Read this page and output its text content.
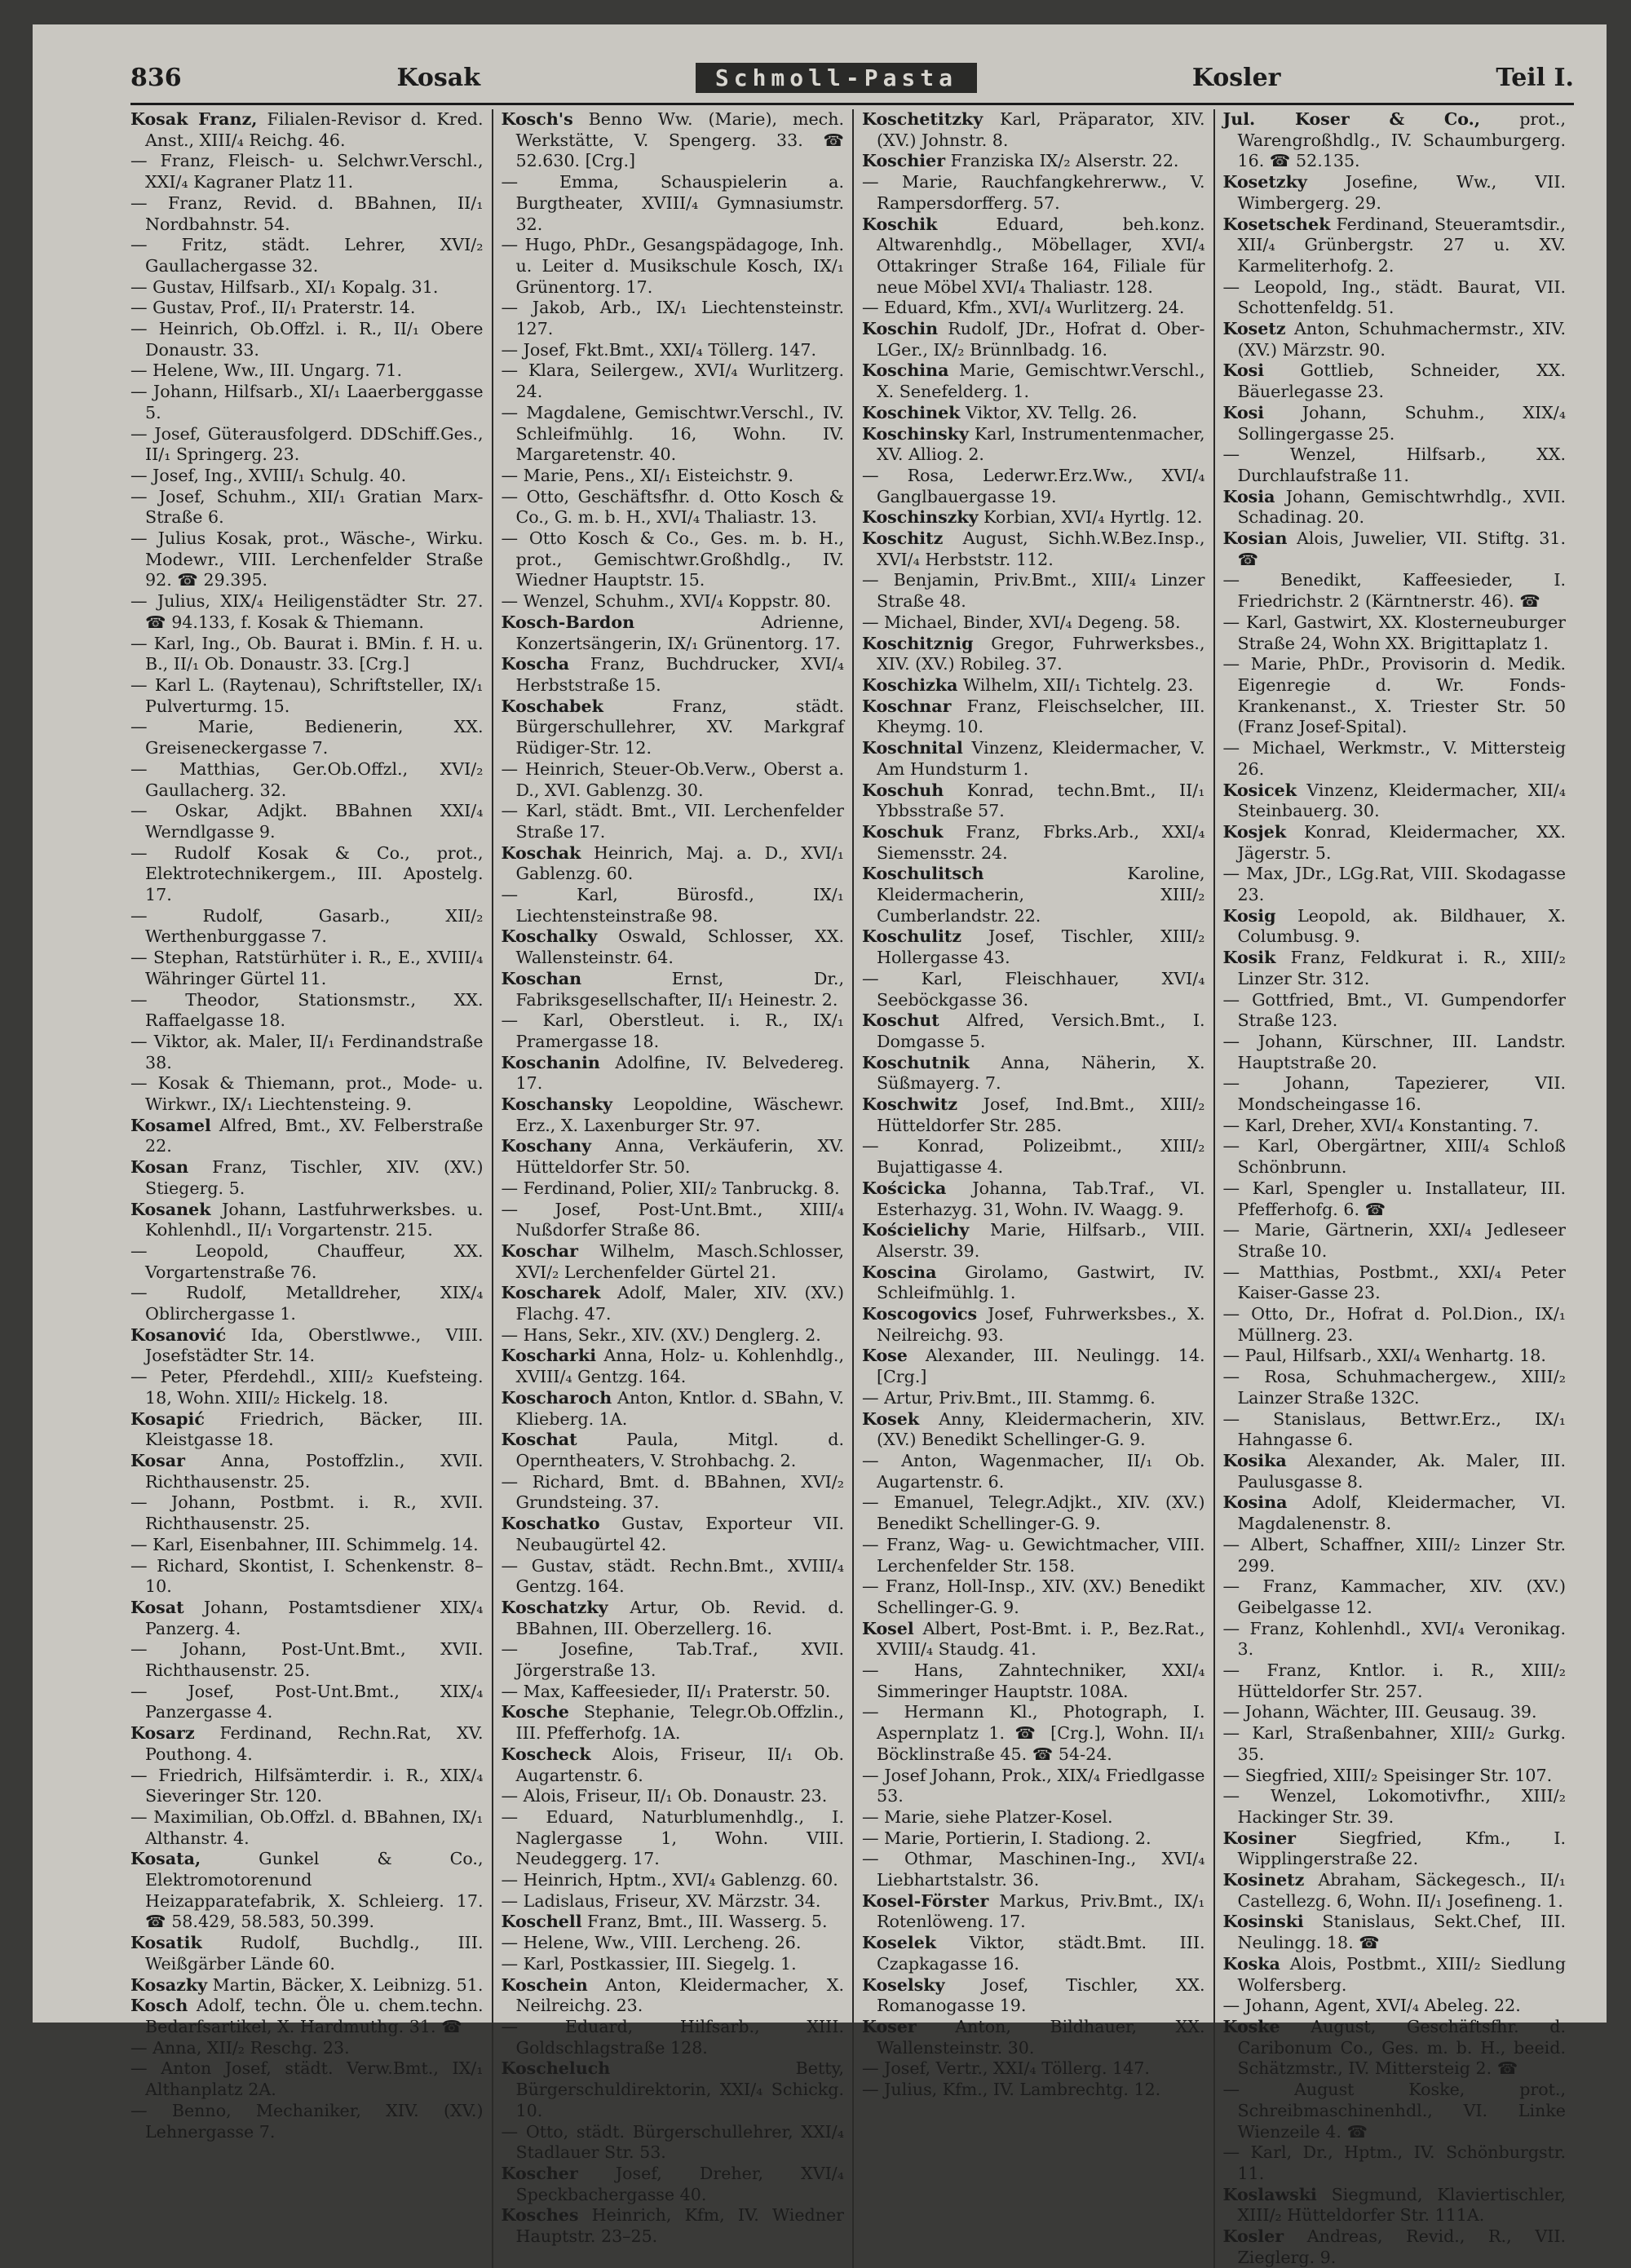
836	Kosak	Schmoll-Pasta	Kosler	Teil I.

Kosak Franz, Filialen-Revisor d. Kred. Anst., XIII/₄ Reichg. 46.

— Franz, Fleisch- u. Selchwr.Verschl., XXI/₄ Kagraner Platz 11.

— Franz, Revid. d. BBahnen, II/₁ Nordbahnstr. 54.

— Fritz, städt. Lehrer, XVI/₂ Gaullachergasse 32.

— Gustav, Hilfsarb., XI/₁ Kopalg. 31.

— Gustav, Prof., II/₁ Praterstr. 14.

— Heinrich, Ob.Offzl. i. R., II/₁ Obere Donaustr. 33.

— Helene, Ww., III. Ungarg. 71.

— Johann, Hilfsarb., XI/₁ Laaerberggasse 5.

— Josef, Güterausfolgerd. DDSchiff.Ges., II/₁ Springerg. 23.

— Josef, Ing., XVIII/₁ Schulg. 40.

— Josef, Schuhm., XII/₁ Gratian Marx-Straße 6.

— Julius Kosak, prot., Wäsche-, Wirku. Modewr., VIII. Lerchenfelder Straße 92. ☎ 29.395.

— Julius, XIX/₄ Heiligenstädter Str. 27. ☎ 94.133, f. Kosak & Thiemann.

— Karl, Ing., Ob. Baurat i. BMin. f. H. u. B., II/₁ Ob. Donaustr. 33. [Crg.]

— Karl L. (Raytenau), Schriftsteller, IX/₁ Pulverturmg. 15.

— Marie, Bedienerin, XX. Greiseneckergasse 7.

— Matthias, Ger.Ob.Offzl., XVI/₂ Gaullacherg. 32.

— Oskar, Adjkt. BBahnen XXI/₄ Werndlgasse 9.

— Rudolf Kosak & Co., prot., Elektrotechnikergem., III. Apostelg. 17.

— Rudolf, Gasarb., XII/₂ Werthenburggasse 7.

— Stephan, Ratstürhüter i. R., E., XVIII/₄ Währinger Gürtel 11.

— Theodor, Stationsmstr., XX. Raffaelgasse 18.

— Viktor, ak. Maler, II/₁ Ferdinandstraße 38.

— Kosak & Thiemann, prot., Mode- u. Wirkwr., IX/₁ Liechtensteing. 9.

Kosamel Alfred, Bmt., XV. Felberstraße 22.

Kosan Franz, Tischler, XIV. (XV.) Stiegerg. 5.

Kosanek Johann, Lastfuhrwerksbes. u. Kohlenhdl., II/₁ Vorgartenstr. 215.

— Leopold, Chauffeur, XX. Vorgartenstraße 76.

— Rudolf, Metalldreher, XIX/₄ Oblirchergasse 1.

Kosanović Ida, Oberstlwwe., VIII. Josefstädter Str. 14.

— Peter, Pferdehdl., XIII/₂ Kuefsteing. 18, Wohn. XIII/₂ Hickelg. 18.

Kosapić Friedrich, Bäcker, III. Kleistgasse 18.

Kosar Anna, Postoffzlin., XVII. Richthausenstr. 25.

— Johann, Postbmt. i. R., XVII. Richthausenstr. 25.

— Karl, Eisenbahner, III. Schimmelg. 14.

— Richard, Skontist, I. Schenkenstr. 8–10.

Kosat Johann, Postamtsdiener XIX/₄ Panzerg. 4.

— Johann, Post-Unt.Bmt., XVII. Richthausenstr. 25.

— Josef, Post-Unt.Bmt., XIX/₄ Panzergasse 4.

Kosarz Ferdinand, Rechn.Rat, XV. Pouthong. 4.

— Friedrich, Hilfsämterdir. i. R., XIX/₄ Sieveringer Str. 120.

— Maximilian, Ob.Offzl. d. BBahnen, IX/₁ Althanstr. 4.

Kosata,	Gunkel & Co., Elektromotorenund Heizapparatefabrik, X. Schleierg. 17. ☎ 58.429, 58.583, 50.399.

Kosatik Rudolf, Buchdlg., III. Weißgärber Lände 60.

Kosazky Martin, Bäcker, X. Leibnizg. 51.

Kosch Adolf, techn. Öle u. chem.techn. Bedarfsartikel, X. Hardmuthg. 31. ☎

— Anna, XII/₂ Reschg. 23.

— Anton Josef, städt. Verw.Bmt., IX/₁ Althanplatz 2A.

— Benno, Mechaniker, XIV. (XV.) Lehnergasse 7.

Kosch's Benno Ww. (Marie), mech. Werkstätte, V. Spengerg. 33. ☎ 52.630. [Crg.]

— Emma, Schauspielerin a. Burgtheater, XVIII/₄ Gymnasiumstr. 32.

— Hugo, PhDr., Gesangspädagoge, Inh. u. Leiter d. Musikschule Kosch, IX/₁ Grünentorg. 17.

— Jakob, Arb., IX/₁ Liechtensteinstr. 127.

— Josef, Fkt.Bmt., XXI/₄ Töllerg. 147.

— Klara, Seilergew., XVI/₄ Wurlitzerg. 24.

— Magdalene, Gemischtwr.Verschl., IV. Schleifmühlg. 16, Wohn. IV. Margaretenstr. 40.

— Marie, Pens., XI/₁ Eisteichstr. 9.

— Otto, Geschäftsfhr. d. Otto Kosch & Co., G. m. b. H., XVI/₄ Thaliastr. 13.

— Otto Kosch & Co., Ges. m. b. H., prot., Gemischtwr.Großhdlg., IV. Wiedner Hauptstr. 15.

— Wenzel, Schuhm., XVI/₄ Koppstr. 80.

Kosch-Bardon	Adrienne, Konzertsängerin, IX/₁ Grünentorg. 17.

Koscha Franz, Buchdrucker, XVI/₄ Herbststraße 15.

Koschabek	Franz, städt. Bürgerschullehrer, XV. Markgraf Rüdiger-Str. 12.

— Heinrich, Steuer-Ob.Verw., Oberst a. D., XVI. Gablenzg. 30.

— Karl, städt. Bmt., VII. Lerchenfelder Straße 17.

Koschak Heinrich, Maj. a. D., XVI/₁ Gablenzg. 60.

— Karl, Bürosfd., IX/₁ Liechtensteinstraße 98.

Koschalky Oswald, Schlosser, XX. Wallensteinstr. 64.

Koschan	Ernst, Dr., Fabriksgesellschafter, II/₁ Heinestr. 2.

— Karl, Oberstleut. i. R., IX/₁ Pramergasse 18.

Koschanin Adolfine, IV. Belvedereg. 17.

Koschansky Leopoldine, Wäschewr. Erz., X. Laxenburger Str. 97.

Koschany Anna, Verkäuferin, XV. Hütteldorfer Str. 50.

— Ferdinand, Polier, XII/₂ Tanbruckg. 8.

— Josef, Post-Unt.Bmt., XIII/₄ Nußdorfer Straße 86.

Koschar Wilhelm, Masch.Schlosser, XVI/₂ Lerchenfelder Gürtel 21.

Koscharek Adolf, Maler, XIV. (XV.) Flachg. 47.

— Hans, Sekr., XIV. (XV.) Denglerg. 2.

Koscharki Anna, Holz- u. Kohlenhdlg., XVIII/₄ Gentzg. 164.

Koscharoch Anton, Kntlor. d. SBahn, V. Klieberg. 1A.

Koschat	Paula, Mitgl. d. Operntheaters, V. Strohbachg. 2.

— Richard, Bmt. d. BBahnen, XVI/₂ Grundsteing. 37.

Koschatko Gustav, Exporteur VII. Neubaugürtel 42.

— Gustav, städt. Rechn.Bmt., XVIII/₄ Gentzg. 164.

Koschatzky Artur, Ob. Revid. d. BBahnen, III. Oberzellerg. 16.

— Josefine, Tab.Traf., XVII. Jörgerstraße 13.

— Max, Kaffeesieder, II/₁ Praterstr. 50.

Kosche Stephanie, Telegr.Ob.Offzlin., III. Pfefferhofg. 1A.

Koscheck Alois, Friseur, II/₁ Ob. Augartenstr. 6.

— Alois, Friseur, II/₁ Ob. Donaustr. 23.

— Eduard, Naturblumenhdlg., I. Naglergasse 1, Wohn. VIII. Neudeggerg. 17.

— Heinrich, Hptm., XVI/₄ Gablenzg. 60.

— Ladislaus, Friseur, XV. Märzstr. 34.

Koschell Franz, Bmt., III. Wasserg. 5.

— Helene, Ww., VIII. Lercheng. 26.

— Karl, Postkassier, III. Siegelg. 1.

Koschein Anton, Kleidermacher, X. Neilreichg. 23.

— Eduard, Hilfsarb., XIII. Goldschlagstraße 128.

Koscheluch	Betty, Bürgerschuldirektorin, XXI/₄ Schickg. 10.

— Otto, städt. Bürgerschullehrer, XXI/₄ Stadlauer Str. 53.

Koscher Josef, Dreher, XVI/₄ Speckbachergasse 40.

Kosches Heinrich, Kfm, IV. Wiedner Hauptstr. 23–25.

Koschetitzky Karl, Präparator, XIV. (XV.) Johnstr. 8.

Koschier Franziska IX/₂ Alserstr. 22.

— Marie, Rauchfangkehrerww., V. Rampersdorfferg. 57.

Koschik	Eduard, beh.konz. Altwarenhdlg., Möbellager, XVI/₄ Ottakringer Straße 164, Filiale für neue Möbel XVI/₄ Thaliastr. 128.

— Eduard, Kfm., XVI/₄ Wurlitzerg. 24.

Koschin Rudolf, JDr., Hofrat d. Ober-LGer., IX/₂ Brünnlbadg. 16.

Koschina Marie, Gemischtwr.Verschl., X. Senefelderg. 1.

Koschinek Viktor, XV. Tellg. 26.

Koschinsky Karl, Instrumentenmacher, XV. Alliog. 2.

— Rosa, Lederwr.Erz.Ww., XVI/₄ Ganglbauergasse 19.

Koschinszky Korbian, XVI/₄ Hyrtlg. 12.

Koschitz August, Sichh.W.Bez.Insp., XVI/₄ Herbststr. 112.

— Benjamin, Priv.Bmt., XIII/₄ Linzer Straße 48.

— Michael, Binder, XVI/₄ Degeng. 58.

Koschitznig Gregor, Fuhrwerksbes., XIV. (XV.) Robileg. 37.

Koschizka Wilhelm, XII/₁ Tichtelg. 23.

Koschnar Franz, Fleischselcher, III. Kheymg. 10.

Koschnital Vinzenz, Kleidermacher, V. Am Hundsturm 1.

Koschuh Konrad, techn.Bmt., II/₁ Ybbsstraße 57.

Koschuk Franz, Fbrks.Arb., XXI/₄ Siemensstr. 24.

Koschulitsch	Karoline, Kleidermacherin, XIII/₂ Cumberlandstr. 22.

Koschulitz Josef, Tischler, XIII/₂ Hollergasse 43.

— Karl, Fleischhauer, XVI/₄ Seeböckgasse 36.

Koschut Alfred, Versich.Bmt., I. Domgasse 5.

Koschutnik Anna, Näherin, X. Süßmayerg. 7.

Koschwitz Josef, Ind.Bmt., XIII/₂ Hütteldorfer Str. 285.

— Konrad, Polizeibmt., XIII/₂ Bujattigasse 4.

Kościcka Johanna, Tab.Traf., VI. Esterhazyg. 31, Wohn. IV. Waagg. 9.

Kościelichy Marie, Hilfsarb., VIII. Alserstr. 39.

Koscina Girolamo, Gastwirt, IV. Schleifmühlg. 1.

Koscogovics Josef, Fuhrwerksbes., X. Neilreichg. 93.

Kose Alexander, III. Neulingg. 14. [Crg.]

— Artur, Priv.Bmt., III. Stammg. 6.

Kosek Anny, Kleidermacherin, XIV. (XV.) Benedikt Schellinger-G. 9.

— Anton, Wagenmacher, II/₁ Ob. Augartenstr. 6.

— Emanuel, Telegr.Adjkt., XIV. (XV.) Benedikt Schellinger-G. 9.

— Franz, Wag- u. Gewichtmacher, VIII. Lerchenfelder Str. 158.

— Franz, Holl-Insp., XIV. (XV.) Benedikt Schellinger-G. 9.

Kosel Albert, Post-Bmt. i. P., Bez.Rat., XVIII/₄ Staudg. 41.

— Hans, Zahntechniker, XXI/₄ Simmeringer Hauptstr. 108A.

— Hermann Kl., Photograph, I. Aspernplatz 1. ☎ [Crg.], Wohn. II/₁ Böcklinstraße 45. ☎ 54-24.

— Josef Johann, Prok., XIX/₄ Friedlgasse 53.

— Marie, siehe Platzer-Kosel.

— Marie, Portierin, I. Stadiong. 2.

— Othmar, Maschinen-Ing., XVI/₄ Liebhartstalstr. 36.

Kosel-Förster Markus, Priv.Bmt., IX/₁ Rotenlöweng. 17.

Koselek Viktor, städt.Bmt. III. Czapkagasse 16.

Koselsky Josef, Tischler, XX. Romanogasse 19.

Koser Anton, Bildhauer, XX. Wallensteinstr. 30.

— Josef, Vertr., XXI/₄ Töllerg. 147.

— Julius, Kfm., IV. Lambrechtg. 12.

Jul. Koser & Co., prot., Warengroßhdlg., IV. Schaumburgerg. 16. ☎ 52.135.

Kosetzky Josefine, Ww., VII. Wimbergerg. 29.

Kosetschek Ferdinand, Steueramtsdir., XII/₄ Grünbergstr. 27 u. XV. Karmeliterhofg. 2.

— Leopold, Ing., städt. Baurat, VII. Schottenfeldg. 51.

Kosetz Anton, Schuhmachermstr., XIV. (XV.) Märzstr. 90.

Kosi Gottlieb, Schneider, XX. Bäuerlegasse 23.

Kosi Johann, Schuhm., XIX/₄ Sollingergasse 25.

— Wenzel, Hilfsarb., XX. Durchlaufstraße 11.

Kosia Johann, Gemischtwrhdlg., XVII. Schadinag. 20.

Kosian Alois, Juwelier, VII. Stiftg. 31. ☎

— Benedikt, Kaffeesieder, I. Friedrichstr. 2 (Kärntnerstr. 46). ☎

— Karl, Gastwirt, XX. Klosterneuburger Straße 24, Wohn XX. Brigittaplatz 1.

— Marie, PhDr., Provisorin d. Medik. Eigenregie d. Wr. Fonds-Krankenanst., X. Triester Str. 50 (Franz Josef-Spital).

— Michael, Werkmstr., V. Mittersteig 26.

Kosicek Vinzenz, Kleidermacher, XII/₄ Steinbauerg. 30.

Kosjek Konrad, Kleidermacher, XX. Jägerstr. 5.

— Max, JDr., LGg.Rat, VIII. Skodagasse 23.

Kosig Leopold, ak. Bildhauer, X. Columbusg. 9.

Kosik Franz, Feldkurat i. R., XIII/₂ Linzer Str. 312.

— Gottfried, Bmt., VI. Gumpendorfer Straße 123.

— Johann, Kürschner, III. Landstr. Hauptstraße 20.

— Johann, Tapezierer, VII. Mondscheingasse 16.

— Karl, Dreher, XVI/₄ Konstanting. 7.

— Karl, Obergärtner, XIII/₄ Schloß Schönbrunn.

— Karl, Spengler u. Installateur, III. Pfefferhofg. 6. ☎

— Marie, Gärtnerin, XXI/₄ Jedleseer Straße 10.

— Matthias, Postbmt., XXI/₄ Peter Kaiser-Gasse 23.

— Otto, Dr., Hofrat d. Pol.Dion., IX/₁ Müllnerg. 23.

— Paul, Hilfsarb., XXI/₄ Wenhartg. 18.

— Rosa, Schuhmachergew., XIII/₂ Lainzer Straße 132C.

— Stanislaus, Bettwr.Erz., IX/₁ Hahngasse 6.

Kosika Alexander, Ak. Maler, III. Paulusgasse 8.

Kosina Adolf, Kleidermacher, VI. Magdalenenstr. 8.

— Albert, Schaffner, XIII/₂ Linzer Str. 299.

— Franz, Kammacher, XIV. (XV.) Geibelgasse 12.

— Franz, Kohlenhdl., XVI/₄ Veronikag. 3.

— Franz, Kntlor. i. R., XIII/₂ Hütteldorfer Str. 257.

— Johann, Wächter, III. Geusaug. 39.

— Karl, Straßenbahner, XIII/₂ Gurkg. 35.

— Siegfried, XIII/₂ Speisinger Str. 107.

— Wenzel, Lokomotivfhr., XIII/₂ Hackinger Str. 39.

Kosiner	Siegfried, Kfm., I. Wipplingerstraße 22.

Kosinetz Abraham, Säckegesch., II/₁ Castellezg. 6, Wohn. II/₁ Josefineng. 1.

Kosinski Stanislaus, Sekt.Chef, III. Neulingg. 18. ☎

Koska Alois, Postbmt., XIII/₂ Siedlung Wolfersberg.

— Johann, Agent, XVI/₄ Abeleg. 22.

Koske August, Geschäftsfhr. d. Caribonum Co., Ges. m. b. H., beeid. Schätzmstr., IV. Mittersteig 2. ☎

— August Koske, prot., Schreibmaschinenhdl., VI. Linke Wienzeile 4. ☎

— Karl, Dr., Hptm., IV. Schönburgstr. 11.

Koslawski Siegmund, Klaviertischler, XIII/₂ Hütteldorfer Str. 111A.

Kosler Andreas, Revid., R., VII. Zieglerg. 9.
